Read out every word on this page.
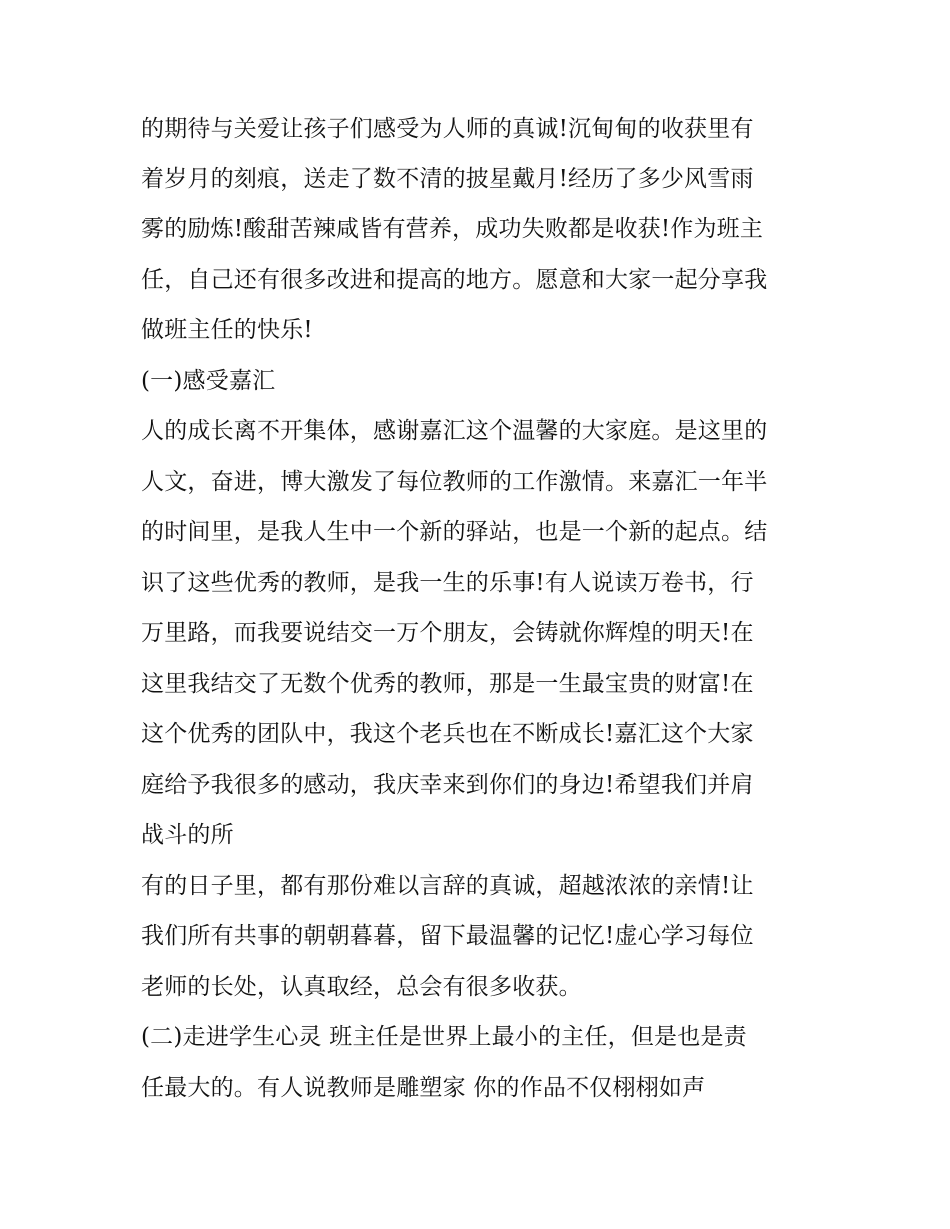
的期待与关爱让孩子们感受为人师的真诚!沉甸甸的收获里有
着岁月的刻痕，送走了数不清的披星戴月!经历了多少风雪雨
雾的励炼!酸甜苦辣咸皆有营养，成功失败都是收获!作为班主
任，自己还有很多改进和提高的地方。愿意和大家一起分享我
做班主任的快乐!
(一)感受嘉汇
人的成长离不开集体，感谢嘉汇这个温馨的大家庭。是这里的
人文，奋进，博大激发了每位教师的工作激情。来嘉汇一年半
的时间里，是我人生中一个新的驿站，也是一个新的起点。结
识了这些优秀的教师，是我一生的乐事!有人说读万卷书，行
万里路，而我要说结交一万个朋友，会铸就你辉煌的明天!在
这里我结交了无数个优秀的教师，那是一生最宝贵的财富!在
这个优秀的团队中，我这个老兵也在不断成长!嘉汇这个大家
庭给予我很多的感动，我庆幸来到你们的身边!希望我们并肩
战斗的所
有的日子里，都有那份难以言辞的真诚，超越浓浓的亲情!让
我们所有共事的朝朝暮暮，留下最温馨的记忆!虚心学习每位
老师的长处，认真取经，总会有很多收获。
(二)走进学生心灵 班主任是世界上最小的主任，但是也是责
任最大的。有人说教师是雕塑家 你的作品不仅栩栩如声
